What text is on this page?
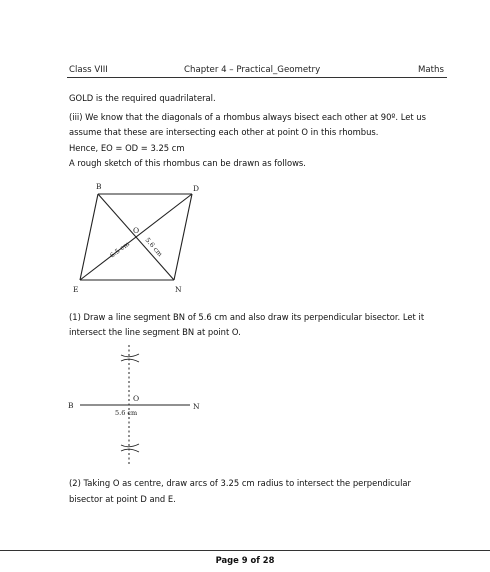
Class VIII	Chapter 4 – Practical_Geometry	Maths
GOLD is the required quadrilateral.
(iii) We know that the diagonals of a rhombus always bisect each other at 90º. Let us
assume that these are intersecting each other at point O in this rhombus.
Hence, EO = OD = 3.25 cm
A rough sketch of this rhombus can be drawn as follows.
B	D
O
E	N
6.5 cm 5.6 cm
(1) Draw a line segment BN of 5.6 cm and also draw its perpendicular bisector. Let it
intersect the line segment BN at point O.
B
O
N
5.6 cm
(2) Taking O as centre, draw arcs of 3.25 cm radius to intersect the perpendicular
bisector at point D and E.
Page 9 of 28
